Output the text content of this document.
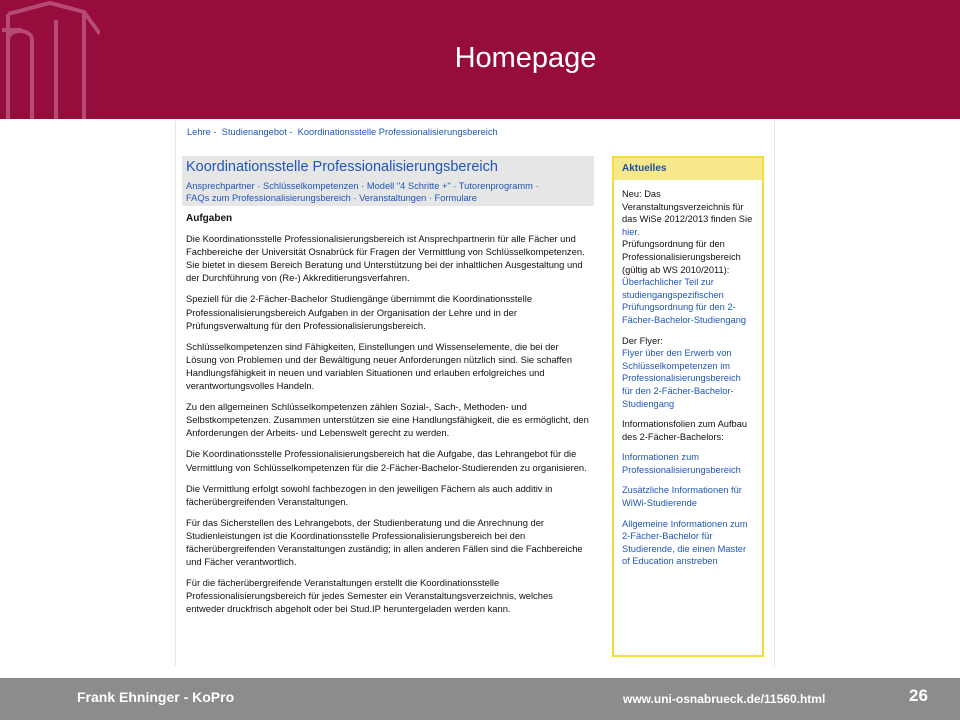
Homepage
Lehre -  Studienangebot -  Koordinationsstelle Professionalisierungsbereich
Koordinationsstelle Professionalisierungsbereich
Ansprechpartner · Schlüsselkompetenzen · Modell "4 Schritte +" · Tutorenprogramm ·
FAQs zum Professionalisierungsbereich · Veranstaltungen · Formulare
Aufgaben

Die Koordinationsstelle Professionalisierungsbereich ist Ansprechpartnerin für alle Fächer und Fachbereiche der Universität Osnabrück für Fragen der Vermittlung von Schlüsselkompetenzen. Sie bietet in diesem Bereich Beratung und Unterstützung bei der inhaltlichen Ausgestaltung und der Durchführung von (Re-) Akkreditierungsverfahren.

Speziell für die 2-Fächer-Bachelor Studiengänge übernimmt die Koordinationsstelle Professionalisierungsbereich Aufgaben in der Organisation der Lehre und in der Prüfungsverwaltung für den Professionalisierungsbereich.

Schlüsselkompetenzen sind Fähigkeiten, Einstellungen und Wissenselemente, die bei der Lösung von Problemen und der Bewältigung neuer Anforderungen nützlich sind. Sie schaffen Handlungsfähigkeit in neuen und variablen Situationen und erlauben erfolgreiches und verantwortungsvolles Handeln.

Zu den allgemeinen Schlüsselkompetenzen zählen Sozial-, Sach-, Methoden- und Selbstkompetenzen. Zusammen unterstützen sie eine Handlungsfähigkeit, die es ermöglicht, den Anforderungen der Arbeits- und Lebenswelt gerecht zu werden.

Die Koordinationsstelle Professionalisierungsbereich hat die Aufgabe, das Lehrangebot für die Vermittlung von Schlüsselkompetenzen für die 2-Fächer-Bachelor-Studierenden zu organisieren.

Die Vermittlung erfolgt sowohl fachbezogen in den jeweiligen Fächern als auch additiv in fächerübergreifenden Veranstaltungen.

Für das Sicherstellen des Lehrangebots, der Studienberatung und die Anrechnung der Studienleistungen ist die Koordinationsstelle Professionalisierungsbereich bei den fächerübergreifenden Veranstaltungen zuständig; in allen anderen Fällen sind die Fachbereiche und Fächer verantwortlich.

Für die fächerübergreifende Veranstaltungen erstellt die Koordinationsstelle Professionalisierungsbereich für jedes Semester ein Veranstaltungsverzeichnis, welches entweder druckfrisch abgeholt oder bei Stud.IP heruntergeladen werden kann.

Aktuelles
Neu: Das Veranstaltungsverzeichnis für das WiSe 2012/2013 finden Sie hier.
Prüfungsordnung für den Professionalisierungsbereich (gültig ab WS 2010/2011):
Überfachlicher Teil zur studiengangspezifischen Prüfungsordnung für den 2-Fächer-Bachelor-Studiengang
Der Flyer:
Flyer über den Erwerb von Schlüsselkompetenzen im Professionalisierungsbereich für den 2-Fächer-Bachelor-Studiengang
Informationsfolien zum Aufbau des 2-Fächer-Bachelors:
Informationen zum Professionalisierungsbereich
Zusätzliche Informationen für WiWi-Studierende
Allgemeine Informationen zum 2-Fächer-Bachelor für Studierende, die einen Master of Education anstreben
Frank Ehninger - KoPro	www.uni-osnabrueck.de/11560.html	26
